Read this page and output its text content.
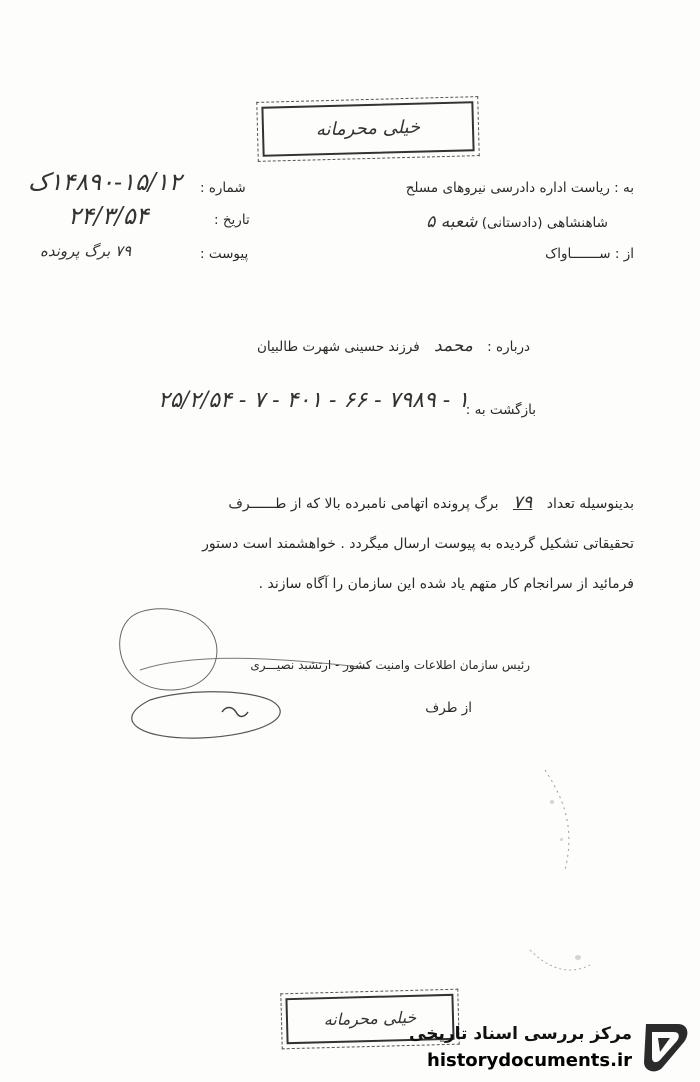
خیلی محرمانه
به : ریاست اداره دادرسی نیروهای مسلح
شاهنشاهی (دادستانی) شعبه ۵
از : ســـــــاواک
شماره :
۱۴۸۹۰-۱۵/۱۲ک
تاریخ :
۲۴/۳/۵۴
پیوست :
۷۹ برگ پرونده
درباره : محمد فرزند حسینی شهرت طالبیان
بازگشت به :
۱ - ۷۹۸۹ - ۶۶ - ۴۰۱ - ۷ - ۲۵/۲/۵۴
بدینوسیله تعداد ۷۹ برگ پرونده اتهامی نامبرده بالا که از طــــــرف
تحقیقاتی تشکیل گردیده به پیوست ارسال میگردد . خواهشمند است دستور
فرمائید از سرانجام کار متهم یاد شده این سازمان را آگاه سازند .
رئیس سازمان اطلاعات وامنیت کشور - ارتشبد نصیـــری
از طرف
خیلی محرمانه
مرکز بررسی اسناد تاریخی
historydocuments.ir
